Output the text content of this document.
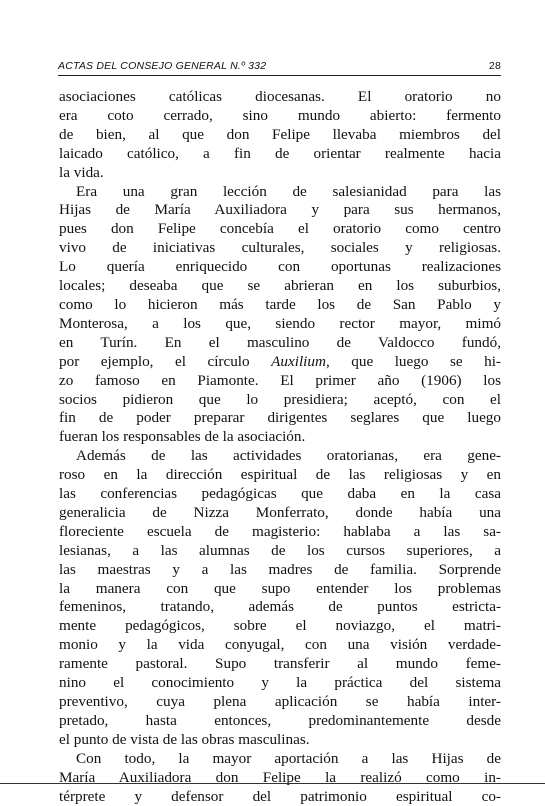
ACTAS DEL CONSEJO GENERAL N.º 332	28
asociaciones católicas diocesanas. El oratorio no
era coto cerrado, sino mundo abierto: fermento
de bien, al que don Felipe llevaba miembros del
laicado católico, a fin de orientar realmente hacia
la vida.
Era una gran lección de salesianidad para las
Hijas de María Auxiliadora y para sus hermanos,
pues don Felipe concebía el oratorio como centro
vivo de iniciativas culturales, sociales y religiosas.
Lo quería enriquecido con oportunas realizaciones
locales; deseaba que se abrieran en los suburbios,
como lo hicieron más tarde los de San Pablo y
Monterosa, a los que, siendo rector mayor, mimó
en Turín. En el masculino de Valdocco fundó,
por ejemplo, el círculo Auxilium, que luego se hi-
zo famoso en Piamonte. El primer año (1906) los
socios pidieron que lo presidiera; aceptó, con el
fin de poder preparar dirigentes seglares que luego
fueran los responsables de la asociación.
Además de las actividades oratorianas, era gene-
roso en la dirección espiritual de las religiosas y en
las conferencias pedagógicas que daba en la casa
generalicia de Nizza Monferrato, donde había una
floreciente escuela de magisterio: hablaba a las sa-
lesianas, a las alumnas de los cursos superiores, a
las maestras y a las madres de familia. Sorprende
la manera con que supo entender los problemas
femeninos, tratando, además de puntos estricta-
mente pedagógicos, sobre el noviazgo, el matri-
monio y la vida conyugal, con una visión verdade-
ramente pastoral. Supo transferir al mundo feme-
nino el conocimiento y la práctica del sistema
preventivo, cuya plena aplicación se había inter-
pretado, hasta entonces, predominantemente desde
el punto de vista de las obras masculinas.
Con todo, la mayor aportación a las Hijas de
María Auxiliadora don Felipe la realizó como in-
térprete y defensor del patrimonio espiritual co-
